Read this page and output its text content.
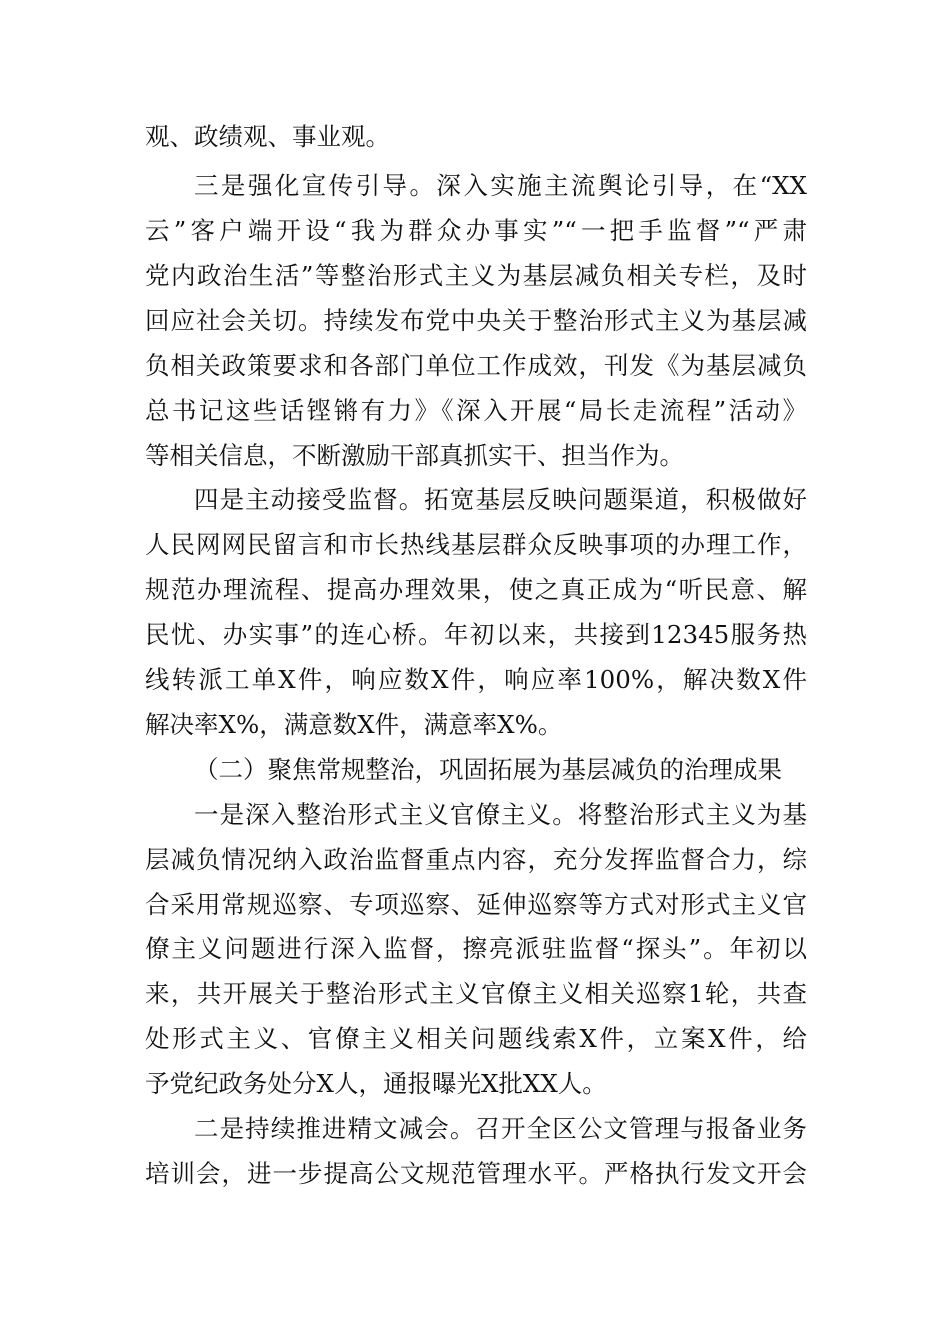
观、政绩观、事业观。
三是强化宣传引导。深入实施主流舆论引导，在“XX
云”客户端开设“我为群众办事实”“一把手监督”“严肃
党内政治生活”等整治形式主义为基层减负相关专栏，及时
回应社会关切。持续发布党中央关于整治形式主义为基层减
负相关政策要求和各部门单位工作成效，刊发《为基层减负
总书记这些话铿锵有力》《深入开展“局长走流程”活动》
等相关信息，不断激励干部真抓实干、担当作为。
四是主动接受监督。拓宽基层反映问题渠道，积极做好
人民网网民留言和市长热线基层群众反映事项的办理工作，
规范办理流程、提高办理效果，使之真正成为“听民意、解
民忧、办实事”的连心桥。年初以来，共接到12345服务热
线转派工单X件，响应数X件，响应率100%，解决数X件
解决率X%，满意数X件，满意率X%。
（二）聚焦常规整治，巩固拓展为基层减负的治理成果
一是深入整治形式主义官僚主义。将整治形式主义为基
层减负情况纳入政治监督重点内容，充分发挥监督合力，综
合采用常规巡察、专项巡察、延伸巡察等方式对形式主义官
僚主义问题进行深入监督，擦亮派驻监督“探头”。年初以
来，共开展关于整治形式主义官僚主义相关巡察1轮，共查
处形式主义、官僚主义相关问题线索X件，立案X件，给
予党纪政务处分X人，通报曝光X批XX人。
二是持续推进精文减会。召开全区公文管理与报备业务
培训会，进一步提高公文规范管理水平。严格执行发文开会
